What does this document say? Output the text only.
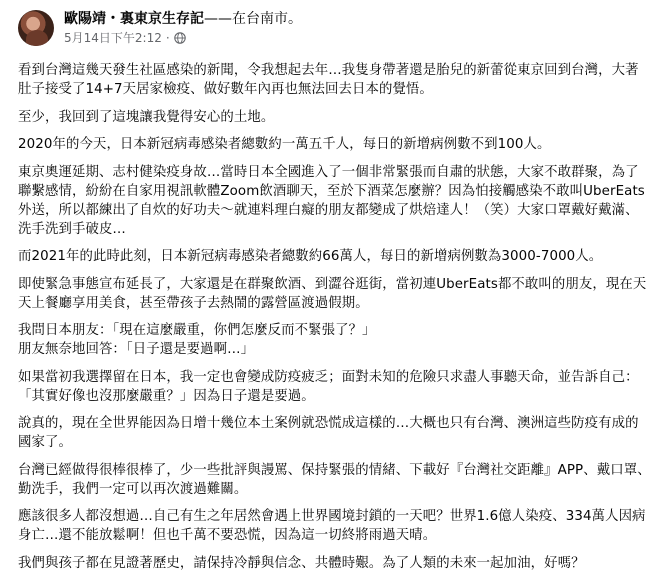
歐陽靖・裏東京生存記——在台南市。
5月14日下午2:12 ·

看到台灣這幾天發生社區感染的新聞，令我想起去年…我隻身帶著還是胎兒的新蕾從東京回到台灣，大著肚子接受了14+7天居家檢疫、做好數年內再也無法回去日本的覺悟。

至少，我回到了這塊讓我覺得安心的土地。

2020年的今天，日本新冠病毒感染者總數約一萬五千人，每日的新增病例數不到100人。

東京奧運延期、志村健染疫身故…當時日本全國進入了一個非常緊張而自肅的狀態，大家不敢群聚，為了聯繫感情，紛紛在自家用視訊軟體Zoom飲酒聊天，至於下酒菜怎麼辦？因為怕接觸感染不敢叫UberEats外送，所以都練出了自炊的好功夫～就連料理白癡的朋友都變成了烘焙達人！（笑）大家口罩戴好戴滿、洗手洗到手破皮…

而2021年的此時此刻，日本新冠病毒感染者總數約66萬人，每日的新增病例數為3000-7000人。

即使緊急事態宣布延長了，大家還是在群聚飲酒、到澀谷逛街，當初連UberEats都不敢叫的朋友，現在天天上餐廳享用美食，甚至帶孩子去熱鬧的露營區渡過假期。

我問日本朋友：「現在這麼嚴重，你們怎麼反而不緊張了？」
朋友無奈地回答：「日子還是要過啊…」

如果當初我選擇留在日本，我一定也會變成防疫疲乏；面對未知的危險只求盡人事聽天命，並告訴自己：「其實好像也沒那麼嚴重？」因為日子還是要過。

說真的，現在全世界能因為日增十幾位本土案例就恐慌成這樣的…大概也只有台灣、澳洲這些防疫有成的國家了。

台灣已經做得很棒很棒了，少一些批評與謾罵、保持緊張的情緒、下載好『台灣社交距離』APP、戴口罩、勤洗手，我們一定可以再次渡過難關。

應該很多人都沒想過…自己有生之年居然會遇上世界國境封鎖的一天吧？世界1.6億人染疫、334萬人因病身亡…還不能放鬆啊！但也千萬不要恐慌，因為這一切終將雨過天晴。

我們與孩子都在見證著歷史，請保持冷靜與信念、共體時艱。為了人類的未來一起加油，好嗎？
